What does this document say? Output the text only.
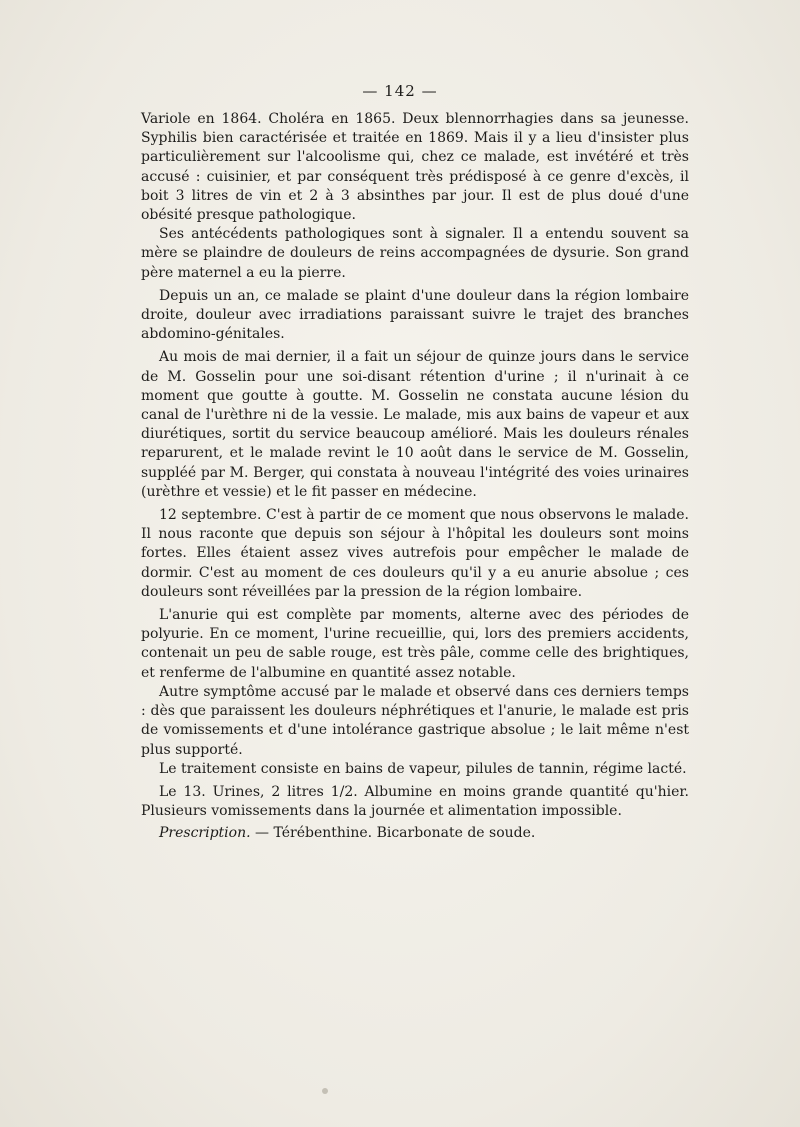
— 142 —

Variole en 1864. Choléra en 1865. Deux blennorrhagies dans sa jeunesse. Syphilis bien caractérisée et traitée en 1869. Mais il y a lieu d'insister plus particulièrement sur l'alcoolisme qui, chez ce malade, est invétéré et très accusé : cuisinier, et par conséquent très prédisposé à ce genre d'excès, il boit 3 litres de vin et 2 à 3 absinthes par jour. Il est de plus doué d'une obésité presque pathologique.

Ses antécédents pathologiques sont à signaler. Il a entendu souvent sa mère se plaindre de douleurs de reins accompagnées de dysurie. Son grand père maternel a eu la pierre.

Depuis un an, ce malade se plaint d'une douleur dans la région lombaire droite, douleur avec irradiations paraissant suivre le trajet des branches abdomino-génitales.

Au mois de mai dernier, il a fait un séjour de quinze jours dans le service de M. Gosselin pour une soi-disant rétention d'urine ; il n'urinait à ce moment que goutte à goutte. M. Gosselin ne constata aucune lésion du canal de l'urèthre ni de la vessie. Le malade, mis aux bains de vapeur et aux diurétiques, sortit du service beaucoup amélioré. Mais les douleurs rénales reparurent, et le malade revint le 10 août dans le service de M. Gosselin, suppléé par M. Berger, qui constata à nouveau l'intégrité des voies urinaires (urèthre et vessie) et le fit passer en médecine.

12 septembre. C'est à partir de ce moment que nous observons le malade. Il nous raconte que depuis son séjour à l'hôpital les douleurs sont moins fortes. Elles étaient assez vives autrefois pour empêcher le malade de dormir. C'est au moment de ces douleurs qu'il y a eu anurie absolue ; ces douleurs sont réveillées par la pression de la région lombaire.

L'anurie qui est complète par moments, alterne avec des périodes de polyurie. En ce moment, l'urine recueillie, qui, lors des premiers accidents, contenait un peu de sable rouge, est très pâle, comme celle des brightiques, et renferme de l'albumine en quantité assez notable.

Autre symptôme accusé par le malade et observé dans ces derniers temps : dès que paraissent les douleurs néphrétiques et l'anurie, le malade est pris de vomissements et d'une intolérance gastrique absolue ; le lait même n'est plus supporté.

Le traitement consiste en bains de vapeur, pilules de tannin, régime lacté.

Le 13. Urines, 2 litres 1/2. Albumine en moins grande quantité qu'hier. Plusieurs vomissements dans la journée et alimentation impossible.

Prescription. — Térébenthine. Bicarbonate de soude.
